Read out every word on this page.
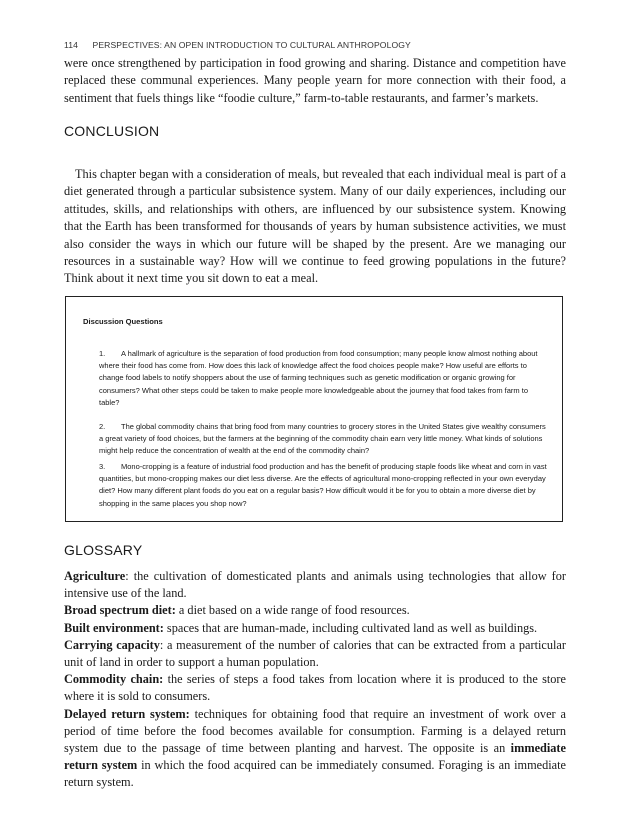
114 PERSPECTIVES: AN OPEN INTRODUCTION TO CULTURAL ANTHROPOLOGY

were once strengthened by participation in food growing and sharing. Distance and competition have replaced these communal experiences. Many people yearn for more connection with their food, a sentiment that fuels things like “foodie culture,” farm-to-table restaurants, and farmer’s markets.

CONCLUSION

This chapter began with a consideration of meals, but revealed that each individual meal is part of a diet generated through a particular subsistence system. Many of our daily experiences, including our attitudes, skills, and relationships with others, are influenced by our subsistence system. Knowing that the Earth has been transformed for thousands of years by human subsistence activities, we must also consider the ways in which our future will be shaped by the present. Are we managing our resources in a sustainable way? How will we continue to feed growing populations in the future? Think about it next time you sit down to eat a meal.

Discussion Questions
1.	A hallmark of agriculture is the separation of food production from food consumption; many people know almost nothing about where their food has come from. How does this lack of knowledge affect the food choices people make? How useful are efforts to change food labels to notify shoppers about the use of farming techniques such as genetic modification or organic growing for consumers? What other steps could be taken to make people more knowledgeable about the journey that food takes from farm to table?
2.	The global commodity chains that bring food from many countries to grocery stores in the United States give wealthy consumers a great variety of food choices, but the farmers at the beginning of the commodity chain earn very little money. What kinds of solutions might help reduce the concentration of wealth at the end of the commodity chain?
3.	Mono-cropping is a feature of industrial food production and has the benefit of producing staple foods like wheat and corn in vast quantities, but mono-cropping makes our diet less diverse. Are the effects of agricultural mono-cropping reflected in your own everyday diet? How many different plant foods do you eat on a regular basis? How difficult would it be for you to obtain a more diverse diet by shopping in the same places you shop now?
GLOSSARY

Agriculture: the cultivation of domesticated plants and animals using technologies that allow for intensive use of the land.

Broad spectrum diet: a diet based on a wide range of food resources.

Built environment: spaces that are human-made, including cultivated land as well as buildings.

Carrying capacity: a measurement of the number of calories that can be extracted from a particular unit of land in order to support a human population.

Commodity chain: the series of steps a food takes from location where it is produced to the store where it is sold to consumers.

Delayed return system: techniques for obtaining food that require an investment of work over a period of time before the food becomes available for consumption. Farming is a delayed return system due to the passage of time between planting and harvest. The opposite is an immediate return system in which the food acquired can be immediately consumed. Foraging is an immediate return system.
